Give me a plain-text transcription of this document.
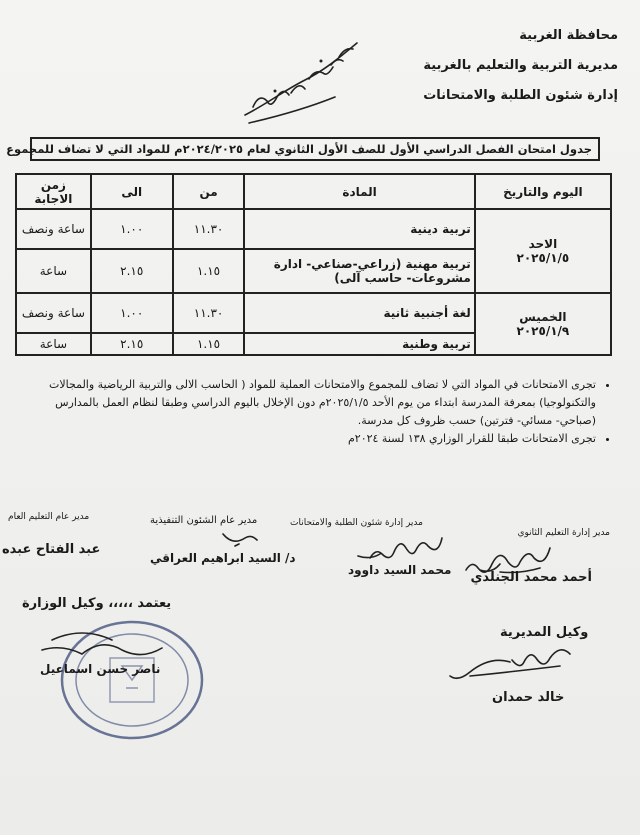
محافظة الغربية
مديرية التربية والتعليم بالغربية
إدارة شئون الطلبة والامتحانات
جدول امتحان الفصل الدراسي الأول للصف الأول الثانوي لعام ٢٠٢٤/٢٠٢٥م للمواد التي لا تضاف للمجموع
اليوم والتاريخ	المادة	من	الى	زمن الاجابة

الاحد
٢٠٢٥/١/٥	تربية دينية	١١.٣٠	١.٠٠	ساعة ونصف
	تربية مهنية (زراعي-صناعي- ادارة مشروعات- حاسب آلى)	١.١٥	٢.١٥	ساعة

الخميس
٢٠٢٥/١/٩	لغة أجنبية ثانية	١١.٣٠	١.٠٠	ساعة ونصف
	تربية وطنية	١.١٥	٢.١٥	ساعة
• تجرى الامتحانات في المواد التي لا تضاف للمجموع والامتحانات العملية للمواد ( الحاسب الالى والتربية الرياضية والمجالات والتكنولوجيا) بمعرفة المدرسة ابتداء من يوم الأحد ٢٠٢٥/١/٥م دون الإخلال باليوم الدراسي وطبقا لنظام العمل بالمدارس (صباحي- مسائي- فترتين) حسب ظروف كل مدرسة.
• تجرى الامتحانات طبقا للقرار الوزاري ١٣٨ لسنة ٢٠٢٤م
مدير إدارة التعليم الثانوي
أحمد محمد الجنلدي
مدير إدارة شئون الطلبة والامتحانات
محمد السيد داوود
مدير عام الشئون التنفيذية
د/ السيد ابراهيم العراقي
مدير عام التعليم العام
عبد الفتاح عبده
يعتمد ،،،،، وكيل الوزارة
ناصر حسن اسماعيل
وكيل المديرية
خالد حمدان
